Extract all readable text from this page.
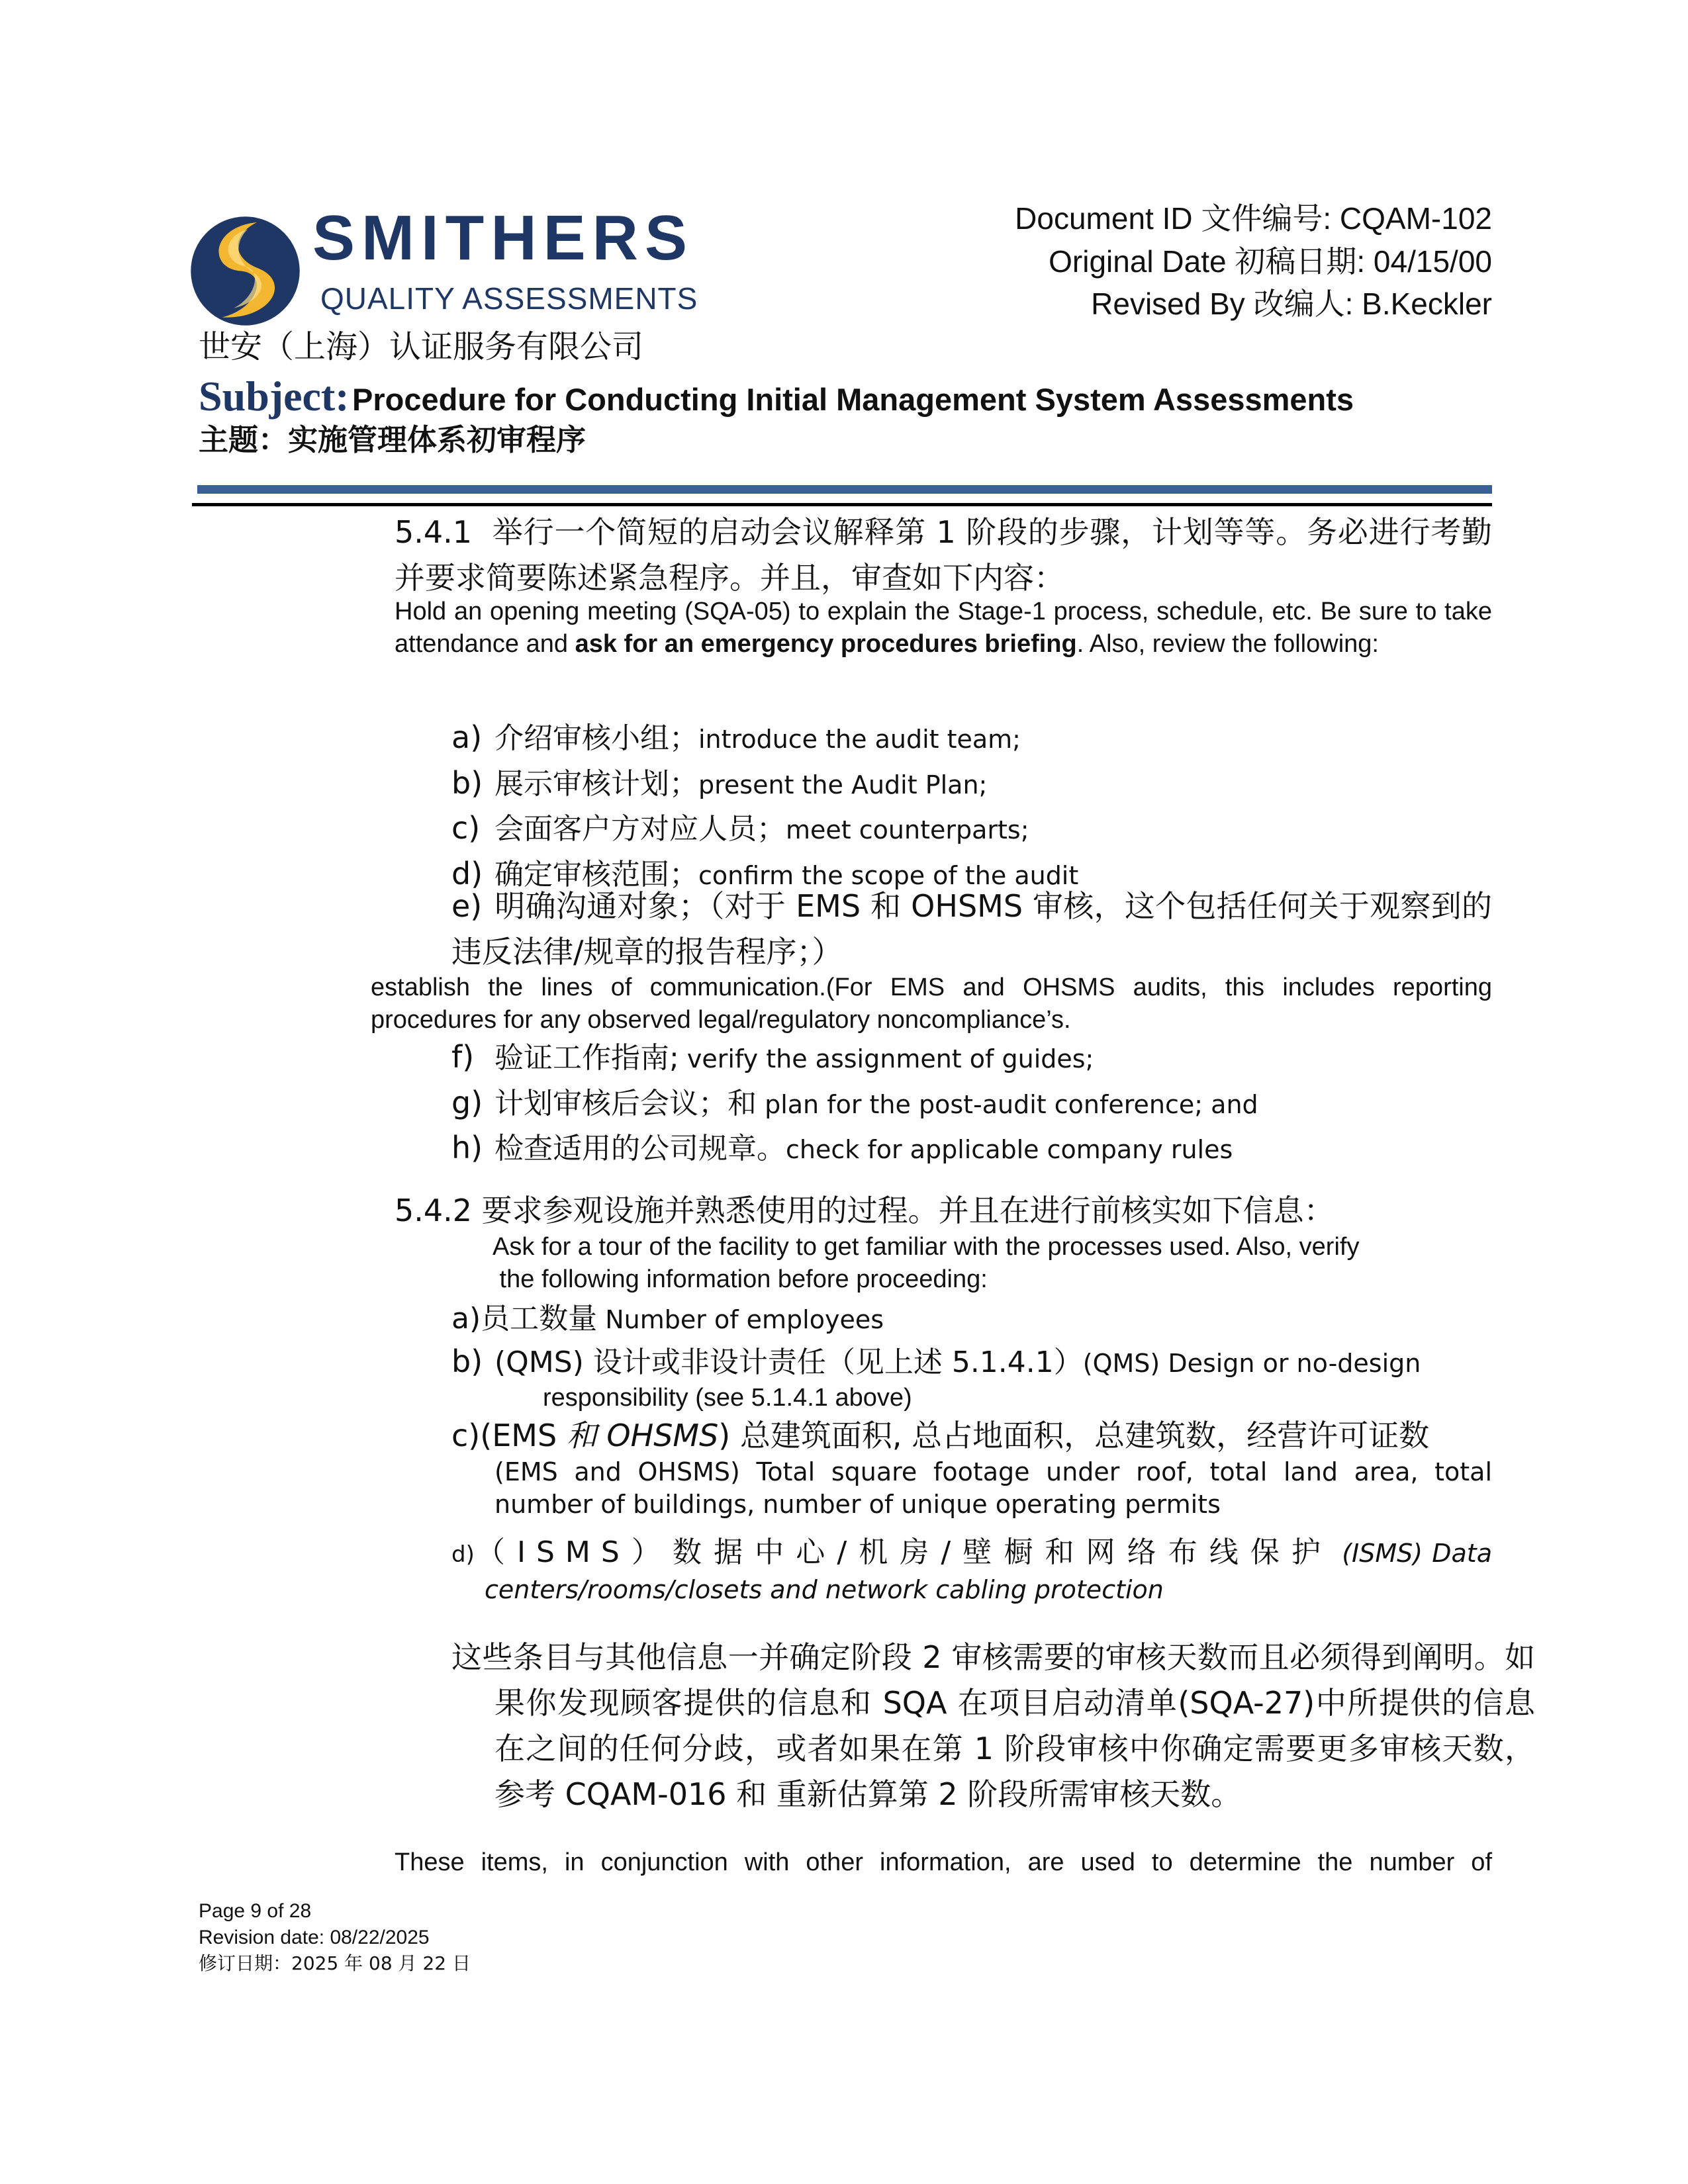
SMITHERS
QUALITY ASSESSMENTS
世安（上海）认证服务有限公司
Document ID 文件编号: CQAM-102
Original Date 初稿日期: 04/15/00
Revised By 改编人: B.Keckler
Subject: Procedure for Conducting Initial Management System Assessments
主题：实施管理体系初审程序
5.4.1 举行一个简短的启动会议解释第 1 阶段的步骤，计划等等。务必进行考勤并要求简要陈述紧急程序。并且，审查如下内容：
Hold an opening meeting (SQA-05) to explain the Stage-1 process, schedule, etc. Be sure to take attendance and ask for an emergency procedures briefing. Also, review the following:
a) 介绍审核小组；introduce the audit team;
b) 展示审核计划；present the Audit Plan;
c) 会面客户方对应人员；meet counterparts;
d) 确定审核范围；confirm the scope of the audit
e) 明确沟通对象；（对于 EMS 和 OHSMS 审核，这个包括任何关于观察到的违反法律/规章的报告程序；）
establish the lines of communication.(For EMS and OHSMS audits, this includes reporting procedures for any observed legal/regulatory noncompliance’s.
f) 验证工作指南; verify the assignment of guides;
g) 计划审核后会议；和 plan for the post-audit conference; and
h) 检查适用的公司规章。check for applicable company rules
5.4.2 要求参观设施并熟悉使用的过程。并且在进行前核实如下信息：
Ask for a tour of the facility to get familiar with the processes used. Also, verify
the following information before proceeding:
a)员工数量 Number of employees
b) (QMS) 设计或非设计责任（见上述 5.1.4.1）(QMS) Design or no-design
responsibility (see 5.1.4.1 above)
c)(EMS 和 OHSMS) 总建筑面积, 总占地面积，总建筑数，经营许可证数
(EMS and OHSMS) Total square footage under roof, total land area, total number of buildings, number of unique operating permits
d)（ISMS）数据中心/机房/壁橱和网络布线保护 (ISMS) Data centers/rooms/closets and network cabling protection
这些条目与其他信息一并确定阶段 2 审核需要的审核天数而且必须得到阐明。如果你发现顾客提供的信息和 SQA 在项目启动清单(SQA-27)中所提供的信息在之间的任何分歧，或者如果在第 1 阶段审核中你确定需要更多审核天数，参考 CQAM-016 和 重新估算第 2 阶段所需审核天数。
These items, in conjunction with other information, are used to determine the number of
Page 9 of 28
Revision date: 08/22/2025
修订日期：2025 年 08 月 22 日
